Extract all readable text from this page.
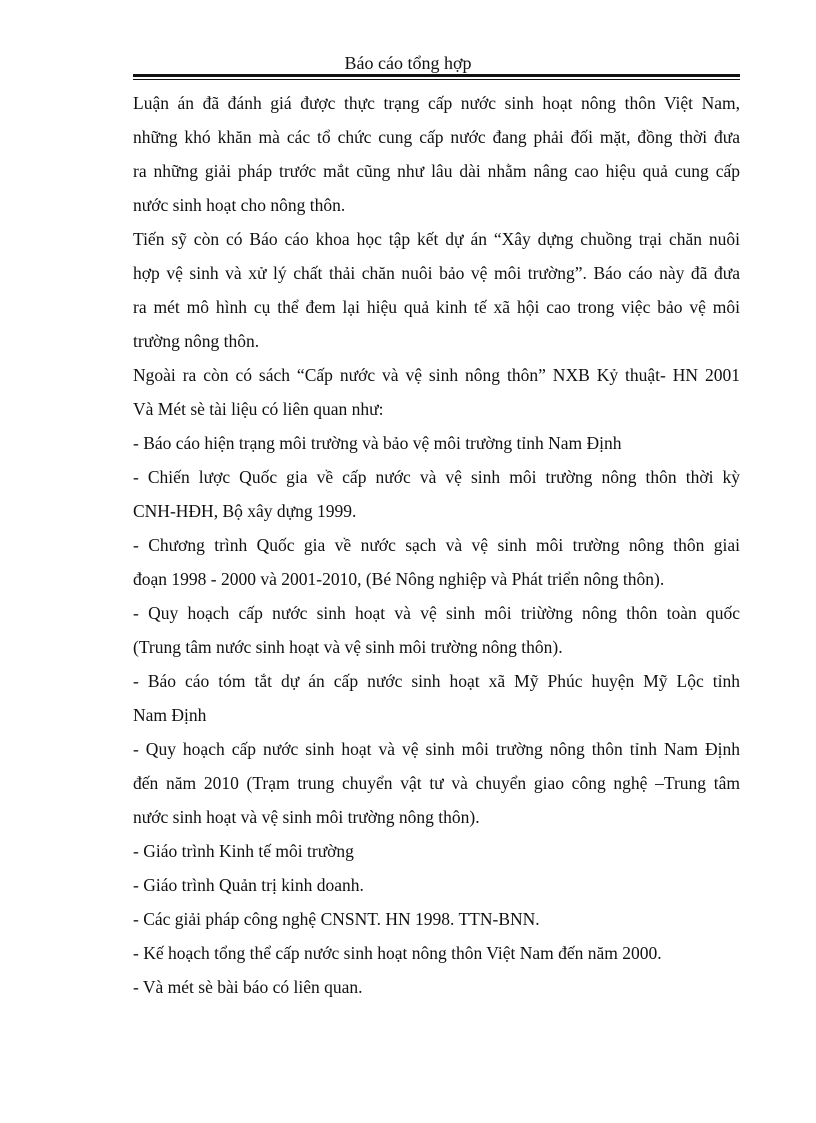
Báo cáo tổng hợp
Luận án đã đánh giá được thực trạng cấp nước sinh hoạt nông thôn Việt Nam,
những khó khăn mà các tổ chức cung cấp nước đang phải đối mặt, đồng thời đưa
ra những giải pháp trước mắt cũng như lâu dài nhằm nâng cao hiệu quả cung cấp
nước sinh hoạt cho nông thôn.
Tiến sỹ còn có Báo cáo khoa học tập kết dự án “Xây dựng chuồng trại chăn nuôi
hợp vệ sinh và xử lý chất thải chăn nuôi bảo vệ môi trường”. Báo cáo này đã đưa
ra mét mô hình cụ thể đem lại hiệu quả kinh tế xã hội cao trong việc bảo vệ môi
trường nông thôn.
Ngoài ra còn có sách “Cấp nước và vệ sinh nông thôn” NXB Kỷ thuật- HN 2001
Và Mét sè tài liệu có liên quan như:
- Báo cáo hiện trạng môi trường và bảo vệ môi trường tỉnh Nam Định
- Chiến lược Quốc gia về cấp nước và vệ sinh môi trường nông thôn thời kỳ
CNH-HĐH, Bộ xây dựng 1999.
- Chương trình Quốc gia về nước sạch và vệ sinh môi trường nông thôn giai
đoạn 1998 - 2000 và 2001-2010, (Bé Nông nghiệp và Phát triển nông thôn).
- Quy hoạch cấp nước sinh hoạt và vệ sinh môi triừờng nông thôn toàn quốc
(Trung tâm nước sinh hoạt và vệ sinh môi trường nông thôn).
- Báo cáo tóm tắt dự án cấp nước sinh hoạt xã Mỹ Phúc huyện Mỹ Lộc tỉnh
Nam Định
- Quy hoạch cấp nước sinh hoạt và vệ sinh môi trường nông thôn tỉnh Nam Định
đến năm 2010 (Trạm trung chuyển vật tư và chuyển giao công nghệ –Trung tâm
nước sinh hoạt và vệ sinh môi trường nông thôn).
- Giáo trình Kinh tế môi trường
- Giáo trình Quản trị kinh doanh.
- Các giải pháp công nghệ CNSNT. HN 1998. TTN-BNN.
- Kế hoạch tổng thể cấp nước sinh hoạt nông thôn Việt Nam đến năm 2000.
- Và mét sè bài báo có liên quan.
